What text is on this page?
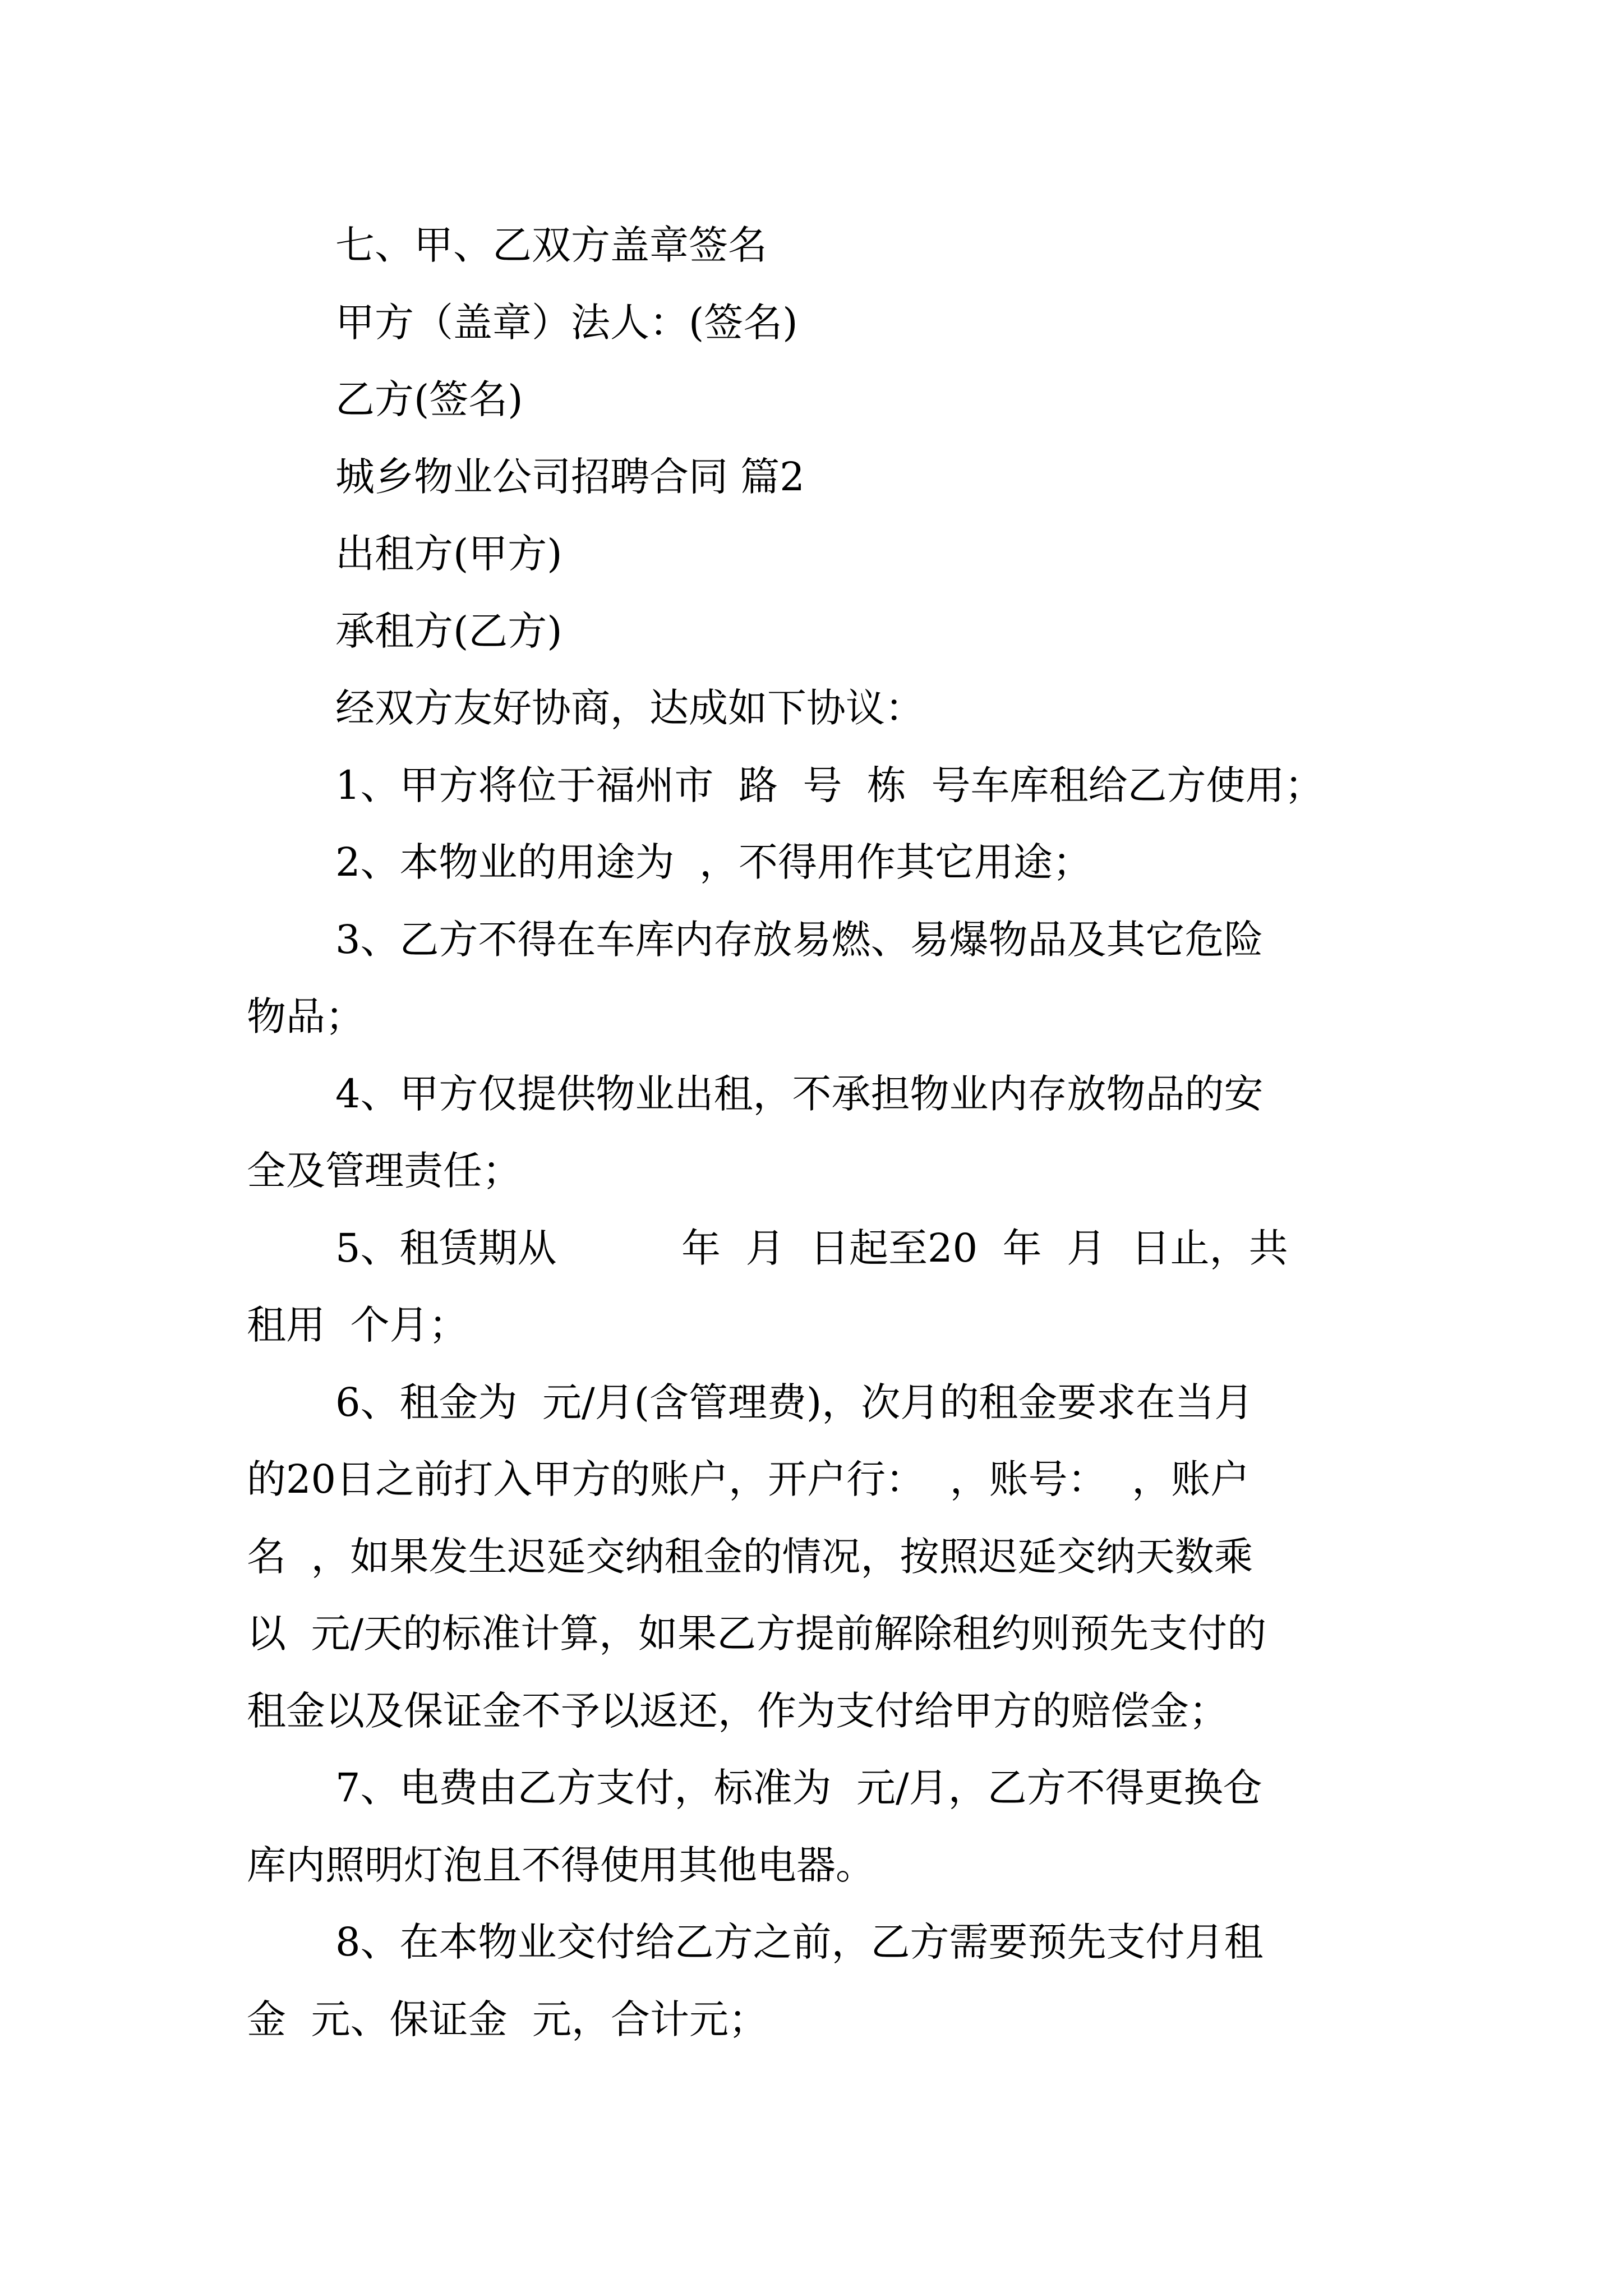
七、甲、乙双方盖章签名

甲方（盖章）法人：(签名)

乙方(签名)

城乡物业公司招聘合同 篇2

出租方(甲方)

承租方(乙方)

经双方友好协商，达成如下协议：

1、甲方将位于福州市  路  号  栋  号车库租给乙方使用；

2、本物业的用途为  ，不得用作其它用途；

3、乙方不得在车库内存放易燃、易爆物品及其它危险

物品；

4、甲方仅提供物业出租，不承担物业内存放物品的安

全及管理责任；

5、租赁期从          年  月  日起至20  年  月  日止，共

租用  个月；

6、租金为  元/月(含管理费)，次月的租金要求在当月

的20日之前打入甲方的账户，开户行：  ，账号：  ，账户

名  ，如果发生迟延交纳租金的情况，按照迟延交纳天数乘

以  元/天的标准计算，如果乙方提前解除租约则预先支付的

租金以及保证金不予以返还，作为支付给甲方的赔偿金；

7、电费由乙方支付，标准为  元/月，乙方不得更换仓

库内照明灯泡且不得使用其他电器。

8、在本物业交付给乙方之前，乙方需要预先支付月租

金  元、保证金  元，合计元；
